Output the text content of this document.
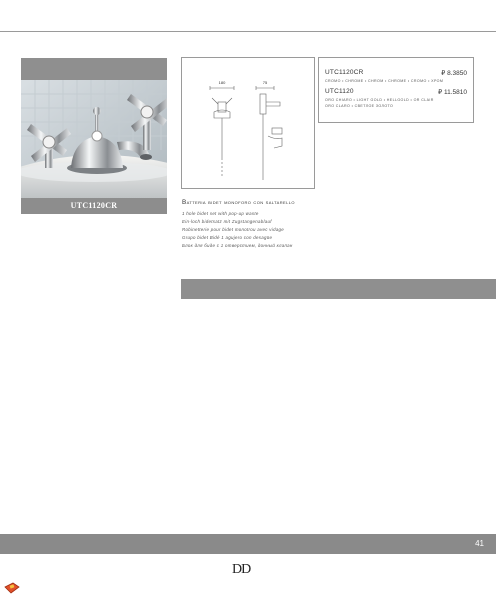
UTC1120CR
180	75
UTC1120CR	₽ 8.3850
CROMO • CHROME • CHROM • CHROME • CROMO • ХРОМ
UTC1120	₽ 11.5810
ORO CHIARO • LIGHT GOLD • HELLGOLD • OR CLAIR
ORO CLARO • СВЕТЛОЕ ЗОЛОТО
Batteria bidet monoforo con saltarello
1 hole bidet set with pop-up waste
Ein-loch bidetsatz mit Zugstangenablauf
Robinetterie pour bidet monotrou avec vidage
Grupo bidet Bidé 1 agujero con desagüe
Блок для биде с 1 отверстием, донный клапан
41
DD
